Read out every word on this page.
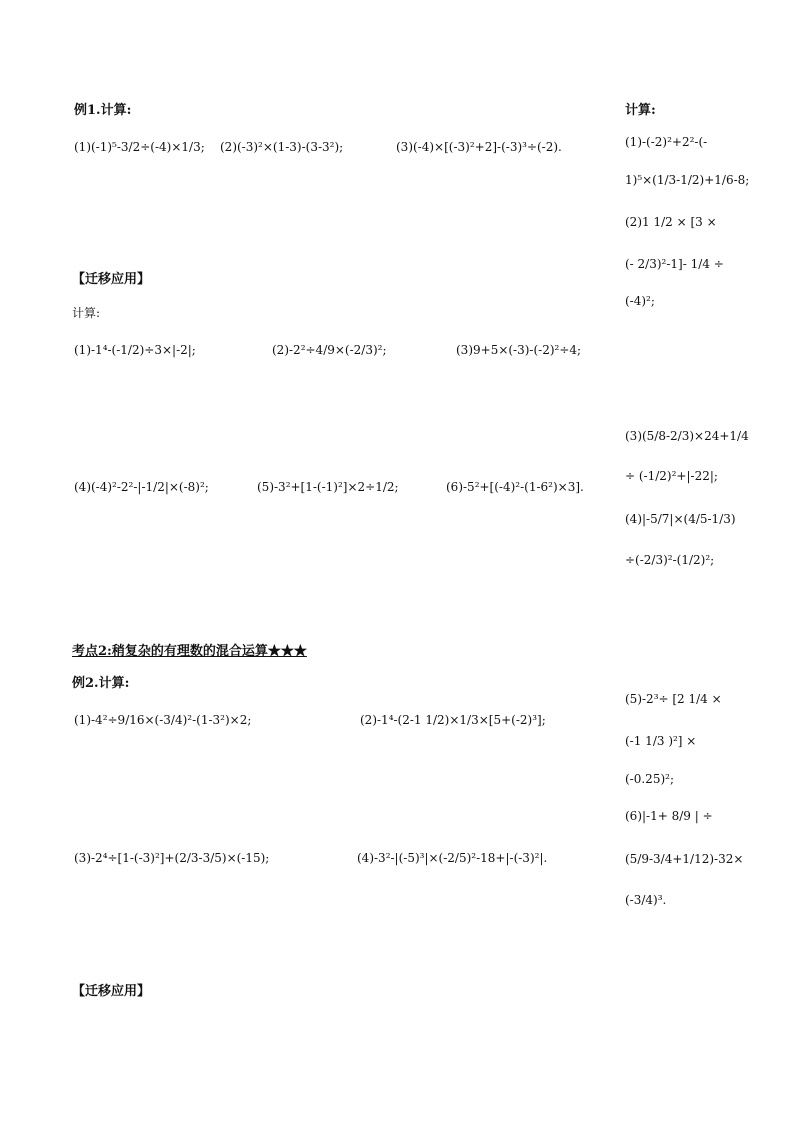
例1.计算:
(1)(-1)⁵-3/2÷(-4)×1/3; (2)(-3)²×(1-3)-(3-3²);	(3)(-4)×[(-3)²+2]-(-3)³÷(-2).
【迁移应用】
计算:
(1)-1⁴-(-1/2)÷3×|-2|;	(2)-2²÷4/9×(-2/3)²;	(3)9+5×(-3)-(-2)²÷4;
(4)(-4)²-2²-|-1/2|×(-8)²;	(5)-3²+[1-(-1)²]×2÷1/2;	(6)-5²+[(-4)²-(1-6²)×3].
考点2:稍复杂的有理数的混合运算★★★
例2.计算:
(1)-4²÷9/16×(-3/4)²-(1-3²)×2;	(2)-1⁴-(2-1 1/2)×1/3×[5+(-2)³];
(3)-2⁴÷[1-(-3)²]+(2/3-3/5)×(-15);	(4)-3²-|(-5)³|×(-2/5)²-18+|-(-3)²|.
【迁移应用】
计算:
(1)-(-2)²+2²-(-
1)⁵×(1/3-1/2)+1/6-8;
(2)1 1/2 × [3 ×
(- 2/3)²-1]- 1/4 ÷
(-4)²;
(3)(5/8-2/3)×24+1/4
÷ (-1/2)²+|-22|;
(4)|-5/7|×(4/5-1/3)
÷(-2/3)²-(1/2)²;
(5)-2³÷ [2 1/4 ×
(-1 1/3 )²] ×
(-0.25)²;
(6)|-1+ 8/9 | ÷
(5/9-3/4+1/12)-32×
(-3/4)³.
